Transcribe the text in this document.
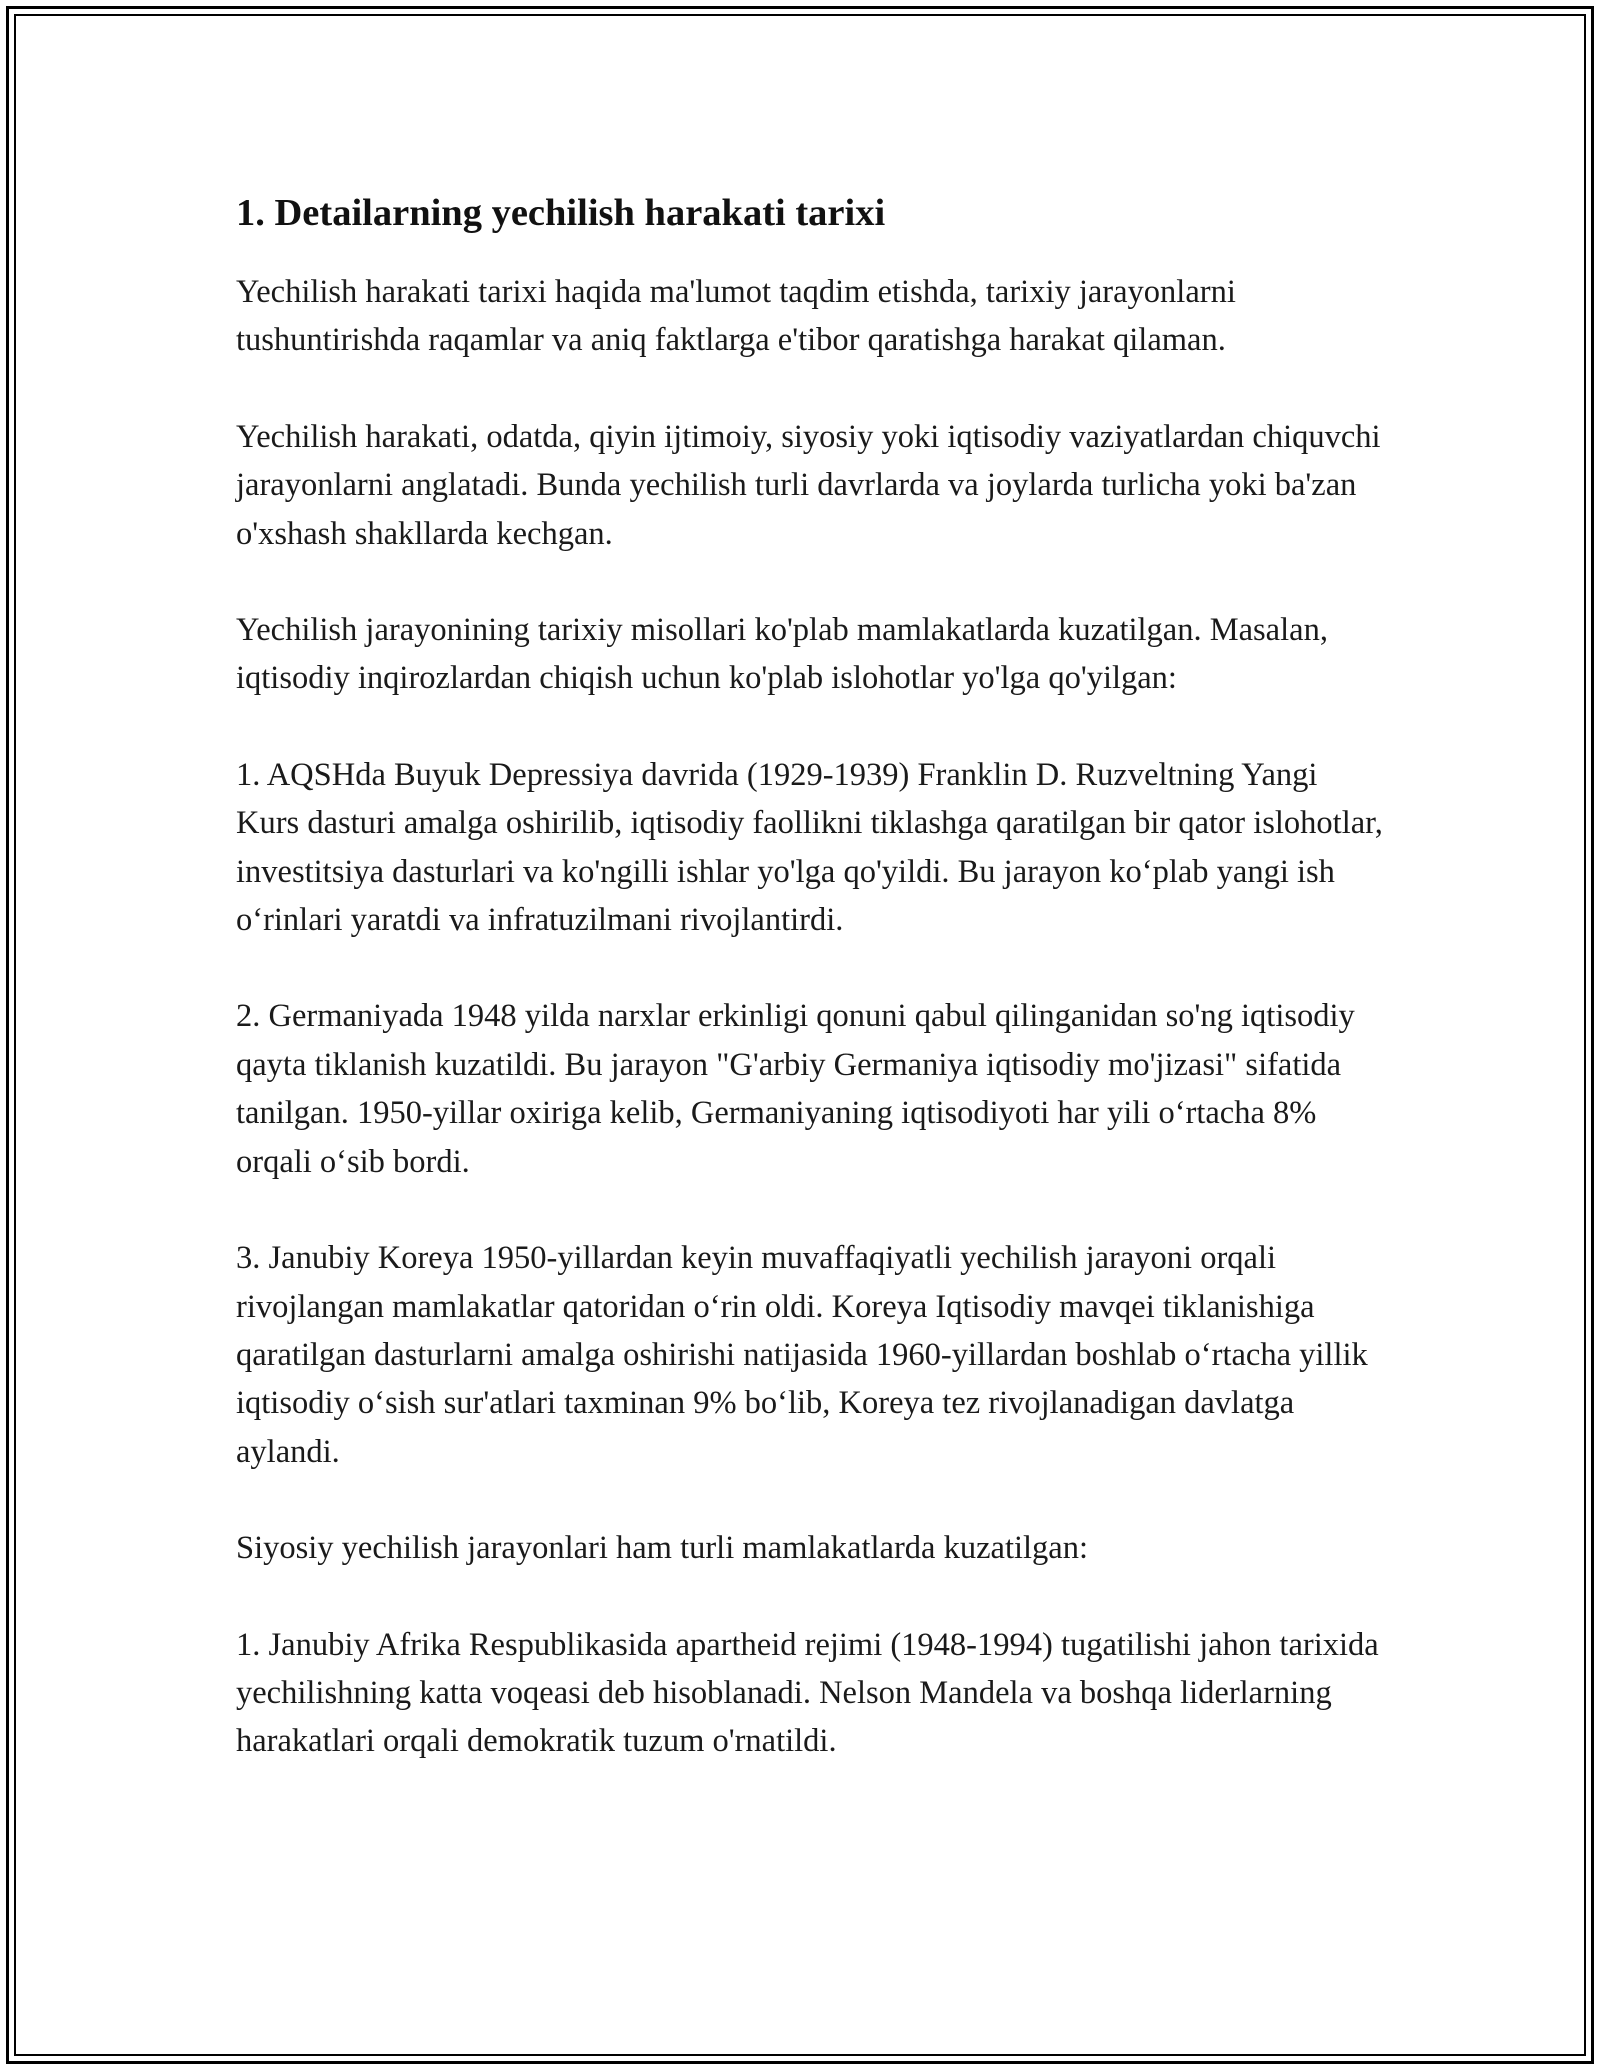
1. Detailarning yechilish harakati tarixi

Yechilish harakati tarixi haqida ma'lumot taqdim etishda, tarixiy jarayonlarni tushuntirishda raqamlar va aniq faktlarga e'tibor qaratishga harakat qilaman.

Yechilish harakati, odatda, qiyin ijtimoiy, siyosiy yoki iqtisodiy vaziyatlardan chiquvchi jarayonlarni anglatadi. Bunda yechilish turli davrlarda va joylarda turlicha yoki ba'zan o'xshash shakllarda kechgan.

Yechilish jarayonining tarixiy misollari ko'plab mamlakatlarda kuzatilgan. Masalan, iqtisodiy inqirozlardan chiqish uchun ko'plab islohotlar yo'lga qo'yilgan:

1. AQSHda Buyuk Depressiya davrida (1929-1939) Franklin D. Ruzveltning Yangi Kurs dasturi amalga oshirilib, iqtisodiy faollikni tiklashga qaratilgan bir qator islohotlar, investitsiya dasturlari va ko'ngilli ishlar yo'lga qo'yildi. Bu jarayon ko‘plab yangi ish o‘rinlari yaratdi va infratuzilmani rivojlantirdi.

2. Germaniyada 1948 yilda narxlar erkinligi qonuni qabul qilinganidan so'ng iqtisodiy qayta tiklanish kuzatildi. Bu jarayon "G'arbiy Germaniya iqtisodiy mo'jizasi" sifatida tanilgan. 1950-yillar oxiriga kelib, Germaniyaning iqtisodiyoti har yili o‘rtacha 8% orqali o‘sib bordi.

3. Janubiy Koreya 1950-yillardan keyin muvaffaqiyatli yechilish jarayoni orqali rivojlangan mamlakatlar qatoridan o‘rin oldi. Koreya Iqtisodiy mavqei tiklanishiga qaratilgan dasturlarni amalga oshirishi natijasida 1960-yillardan boshlab o‘rtacha yillik iqtisodiy o‘sish sur'atlari taxminan 9% bo‘lib, Koreya tez rivojlanadigan davlatga aylandi.

Siyosiy yechilish jarayonlari ham turli mamlakatlarda kuzatilgan:

1. Janubiy Afrika Respublikasida apartheid rejimi (1948-1994) tugatilishi jahon tarixida yechilishning katta voqeasi deb hisoblanadi. Nelson Mandela va boshqa liderlarning harakatlari orqali demokratik tuzum o'rnatildi.
